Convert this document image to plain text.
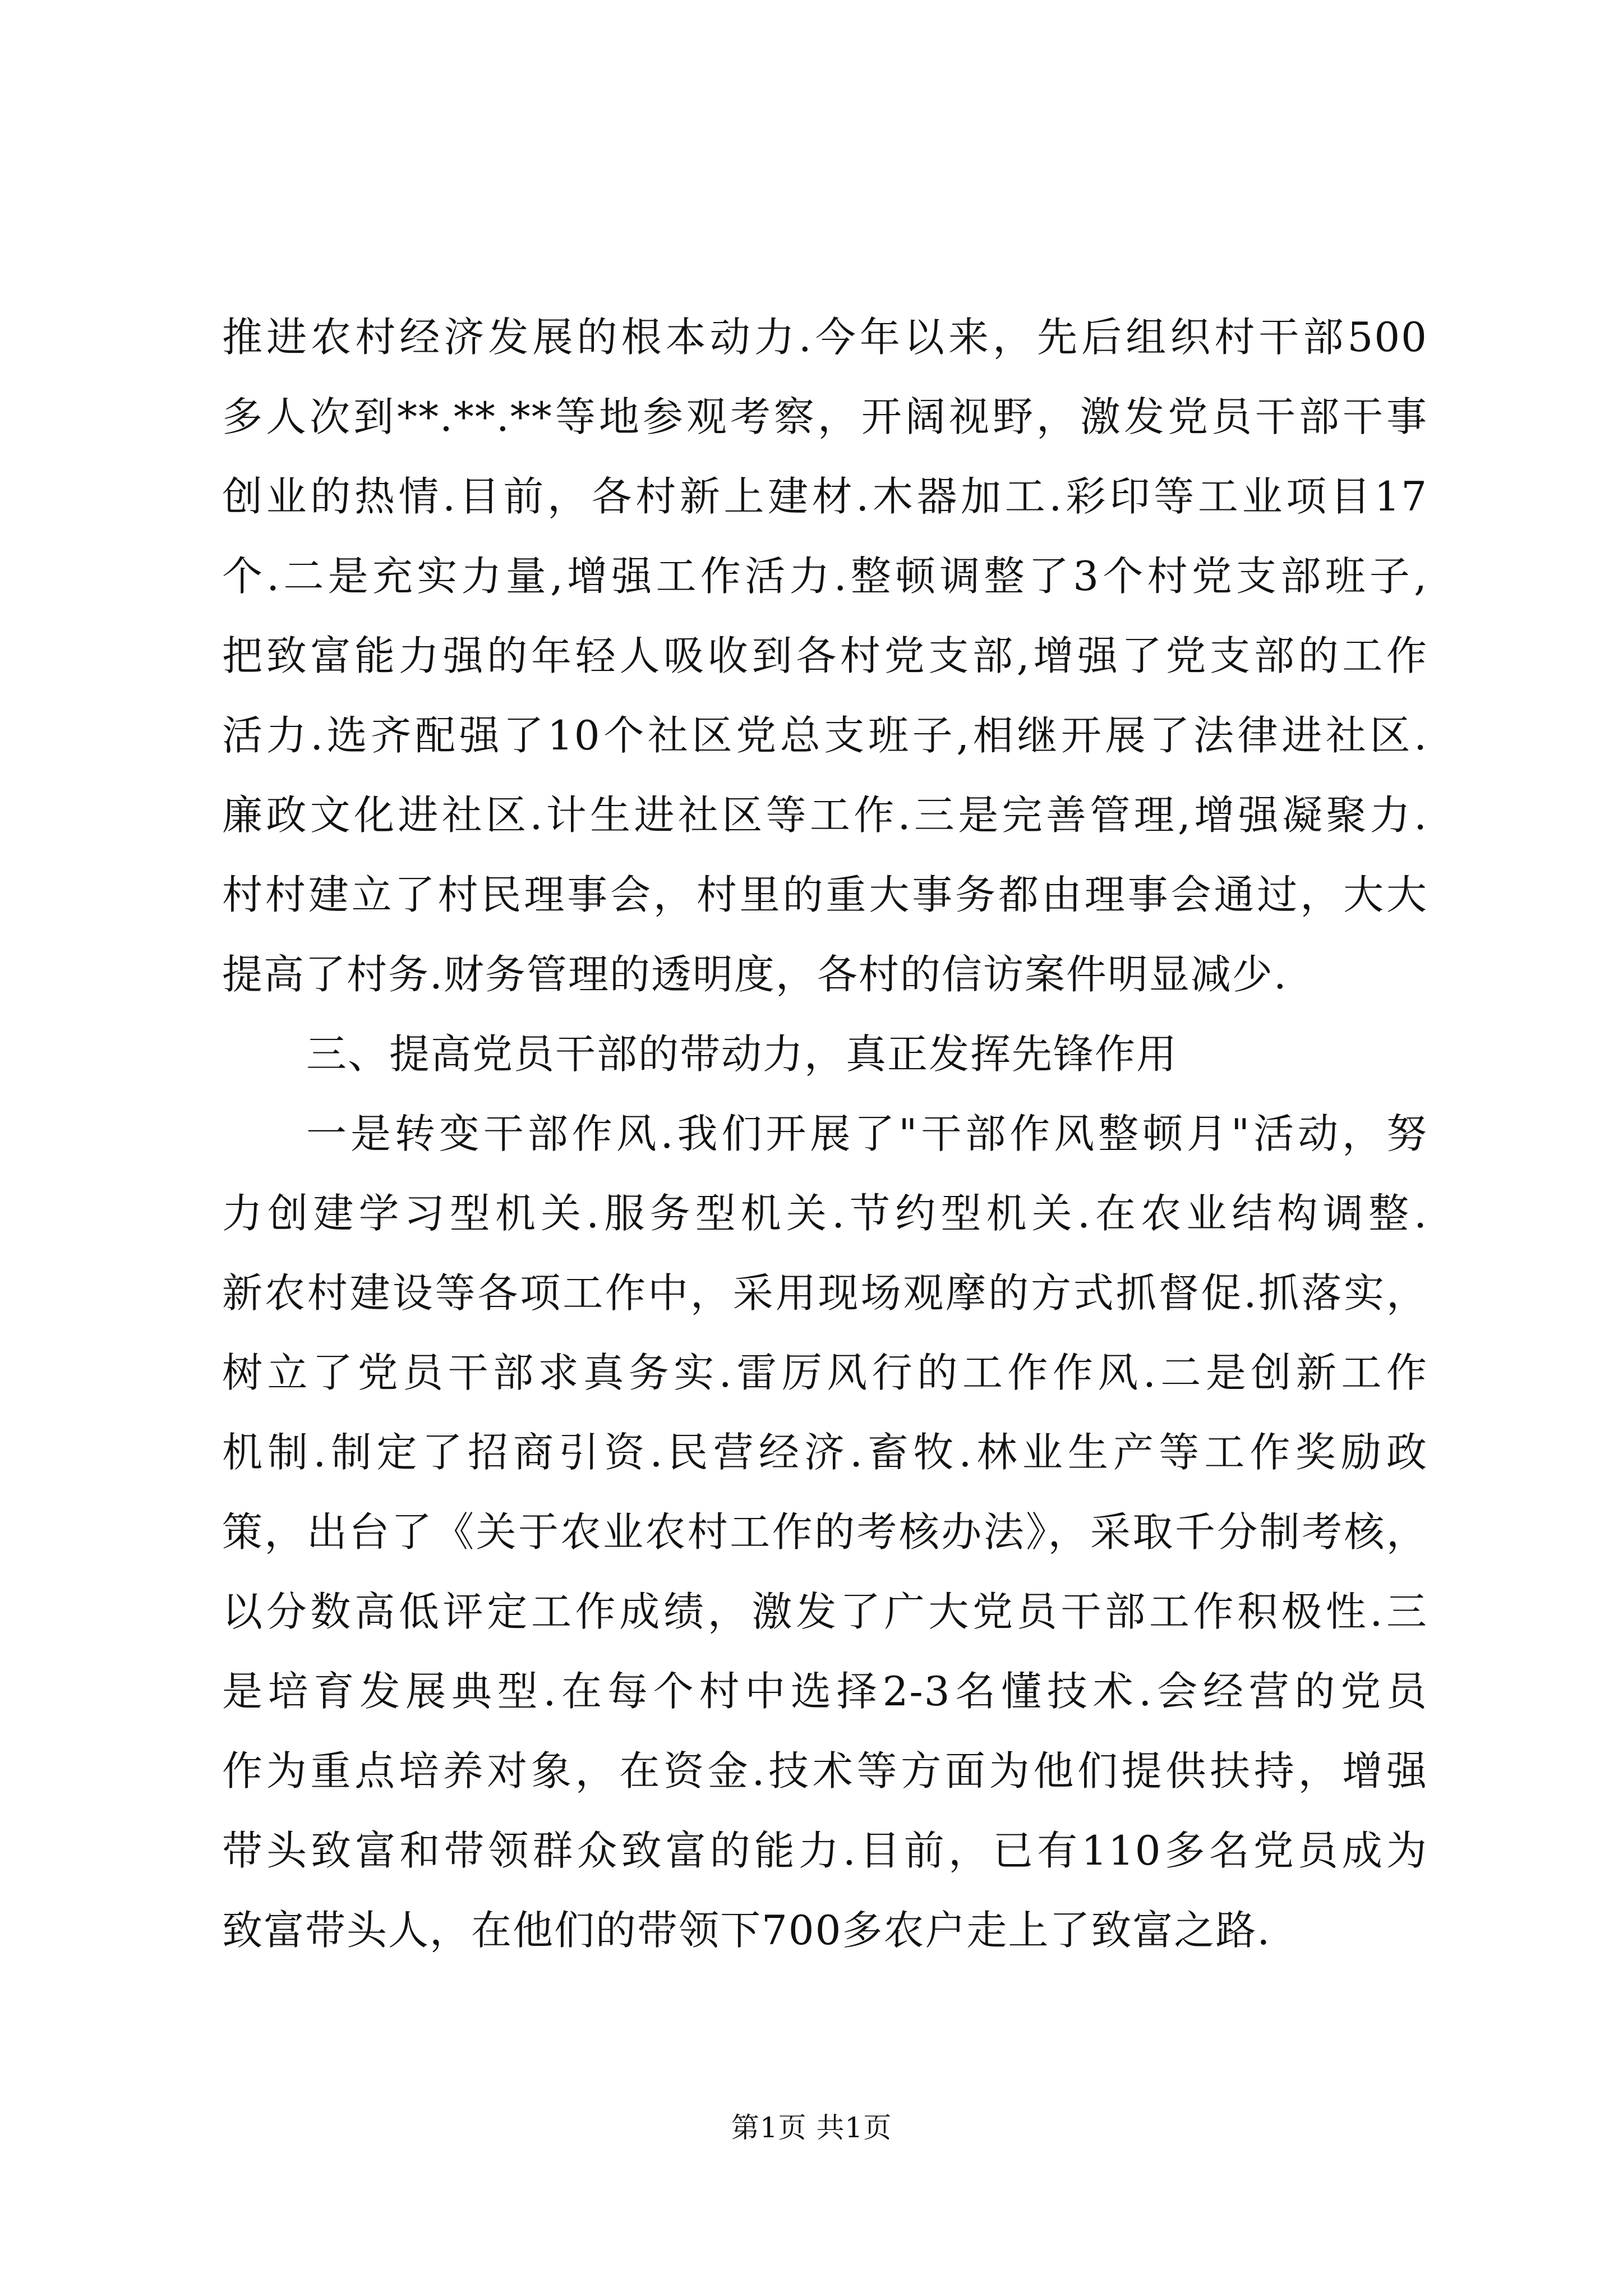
推进农村经济发展的根本动力.今年以来，先后组织村干部500
多人次到**.**.**等地参观考察，开阔视野，激发党员干部干事
创业的热情.目前，各村新上建材.木器加工.彩印等工业项目17
个.二是充实力量,增强工作活力.整顿调整了3个村党支部班子,
把致富能力强的年轻人吸收到各村党支部,增强了党支部的工作
活力.选齐配强了10个社区党总支班子,相继开展了法律进社区.
廉政文化进社区.计生进社区等工作.三是完善管理,增强凝聚力.
村村建立了村民理事会，村里的重大事务都由理事会通过，大大
提高了村务.财务管理的透明度，各村的信访案件明显减少.
三、提高党员干部的带动力，真正发挥先锋作用
一是转变干部作风.我们开展了"干部作风整顿月"活动，努
力创建学习型机关.服务型机关.节约型机关.在农业结构调整.
新农村建设等各项工作中，采用现场观摩的方式抓督促.抓落实，
树立了党员干部求真务实.雷厉风行的工作作风.二是创新工作
机制.制定了招商引资.民营经济.畜牧.林业生产等工作奖励政
策，出台了《关于农业农村工作的考核办法》，采取千分制考核，
以分数高低评定工作成绩，激发了广大党员干部工作积极性.三
是培育发展典型.在每个村中选择2-3名懂技术.会经营的党员
作为重点培养对象，在资金.技术等方面为他们提供扶持，增强
带头致富和带领群众致富的能力.目前，已有110多名党员成为
致富带头人，在他们的带领下700多农户走上了致富之路.
第1页 共1页
